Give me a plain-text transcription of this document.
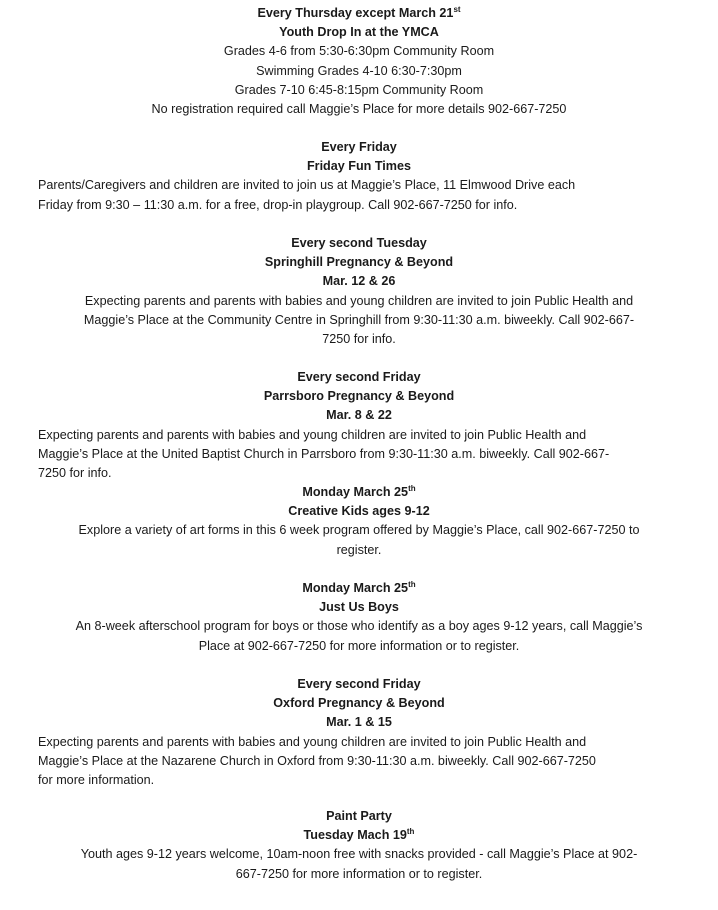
Every Thursday except March 21st
Youth Drop In at the YMCA
Grades 4-6 from 5:30-6:30pm Community Room
Swimming Grades 4-10 6:30-7:30pm
Grades 7-10 6:45-8:15pm Community Room
No registration required call Maggie’s Place for more details 902-667-7250
Every Friday
Friday Fun Times
Parents/Caregivers and children are invited to join us at Maggie’s Place, 11 Elmwood Drive each
Friday from 9:30 – 11:30 a.m. for a free, drop-in playgroup. Call 902-667-7250 for info.
Every second Tuesday
Springhill Pregnancy & Beyond
Mar. 12 & 26
Expecting parents and parents with babies and young children are invited to join Public Health and
Maggie’s Place at the Community Centre in Springhill from 9:30-11:30 a.m. biweekly. Call 902-667-
7250 for info.
Every second Friday
Parrsboro Pregnancy & Beyond
Mar. 8 & 22
Expecting parents and parents with babies and young children are invited to join Public Health and
Maggie’s Place at the United Baptist Church in Parrsboro from 9:30-11:30 a.m. biweekly. Call 902-667-
7250 for info.
Monday March 25th
Creative Kids ages 9-12
Explore a variety of art forms in this 6 week program offered by Maggie’s Place, call 902-667-7250 to
register.
Monday March 25th
Just Us Boys
An 8-week afterschool program for boys or those who identify as a boy ages 9-12 years, call Maggie’s
Place at 902-667-7250 for more information or to register.
Every second Friday
Oxford Pregnancy & Beyond
Mar. 1 & 15
Expecting parents and parents with babies and young children are invited to join Public Health and
Maggie’s Place at the Nazarene Church in Oxford from 9:30-11:30 a.m. biweekly. Call 902-667-7250
for more information.
Paint Party
Tuesday Mach 19th
Youth ages 9-12 years welcome, 10am-noon free with snacks provided - call Maggie’s Place at 902-
667-7250 for more information or to register.
